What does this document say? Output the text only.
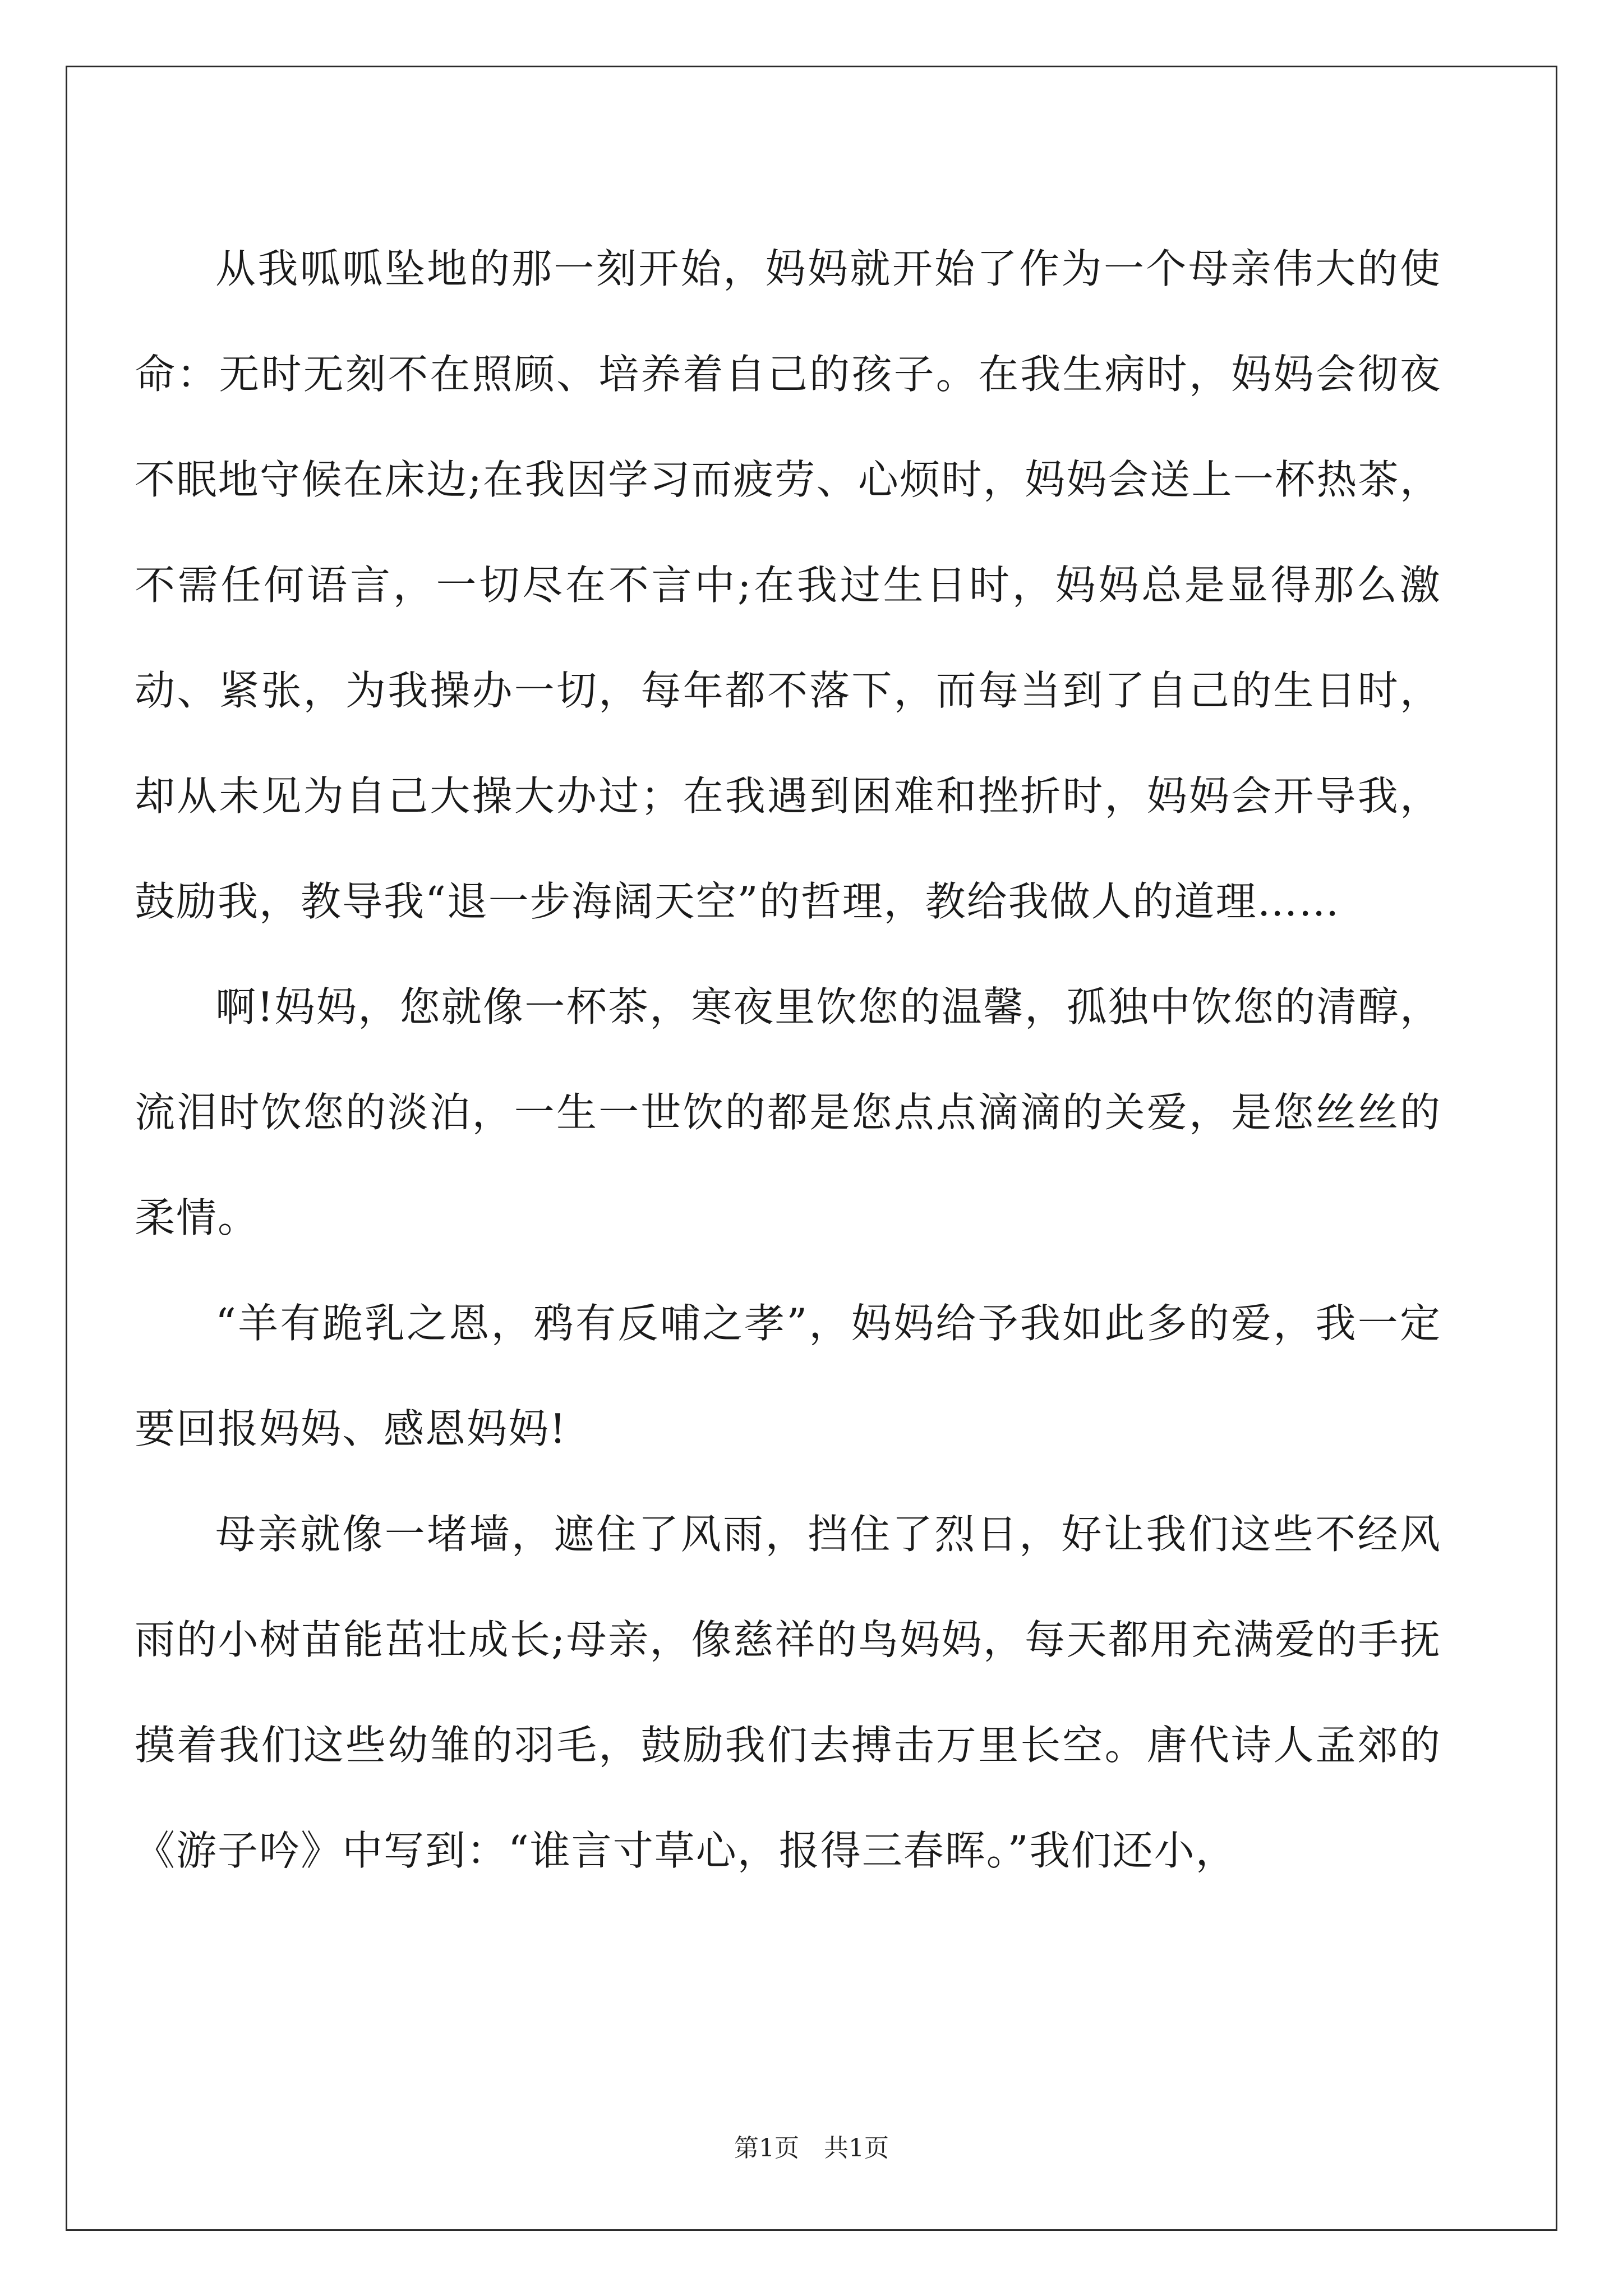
从我呱呱坠地的那一刻开始，妈妈就开始了作为一个母亲伟大的使命：无时无刻不在照顾、培养着自己的孩子。在我生病时，妈妈会彻夜不眠地守候在床边;在我因学习而疲劳、心烦时，妈妈会送上一杯热茶，不需任何语言，一切尽在不言中;在我过生日时，妈妈总是显得那么激动、紧张，为我操办一切，每年都不落下，而每当到了自己的生日时，却从未见为自己大操大办过；在我遇到困难和挫折时，妈妈会开导我，鼓励我，教导我“退一步海阔天空”的哲理，教给我做人的道理……

啊!妈妈，您就像一杯茶，寒夜里饮您的温馨，孤独中饮您的清醇，流泪时饮您的淡泊，一生一世饮的都是您点点滴滴的关爱，是您丝丝的柔情。

“羊有跪乳之恩，鸦有反哺之孝”，妈妈给予我如此多的爱，我一定要回报妈妈、感恩妈妈!

母亲就像一堵墙，遮住了风雨，挡住了烈日，好让我们这些不经风雨的小树苗能茁壮成长;母亲，像慈祥的鸟妈妈，每天都用充满爱的手抚摸着我们这些幼雏的羽毛，鼓励我们去搏击万里长空。唐代诗人孟郊的《游子吟》中写到：“谁言寸草心，报得三春晖。”我们还小，

第1页 共1页
